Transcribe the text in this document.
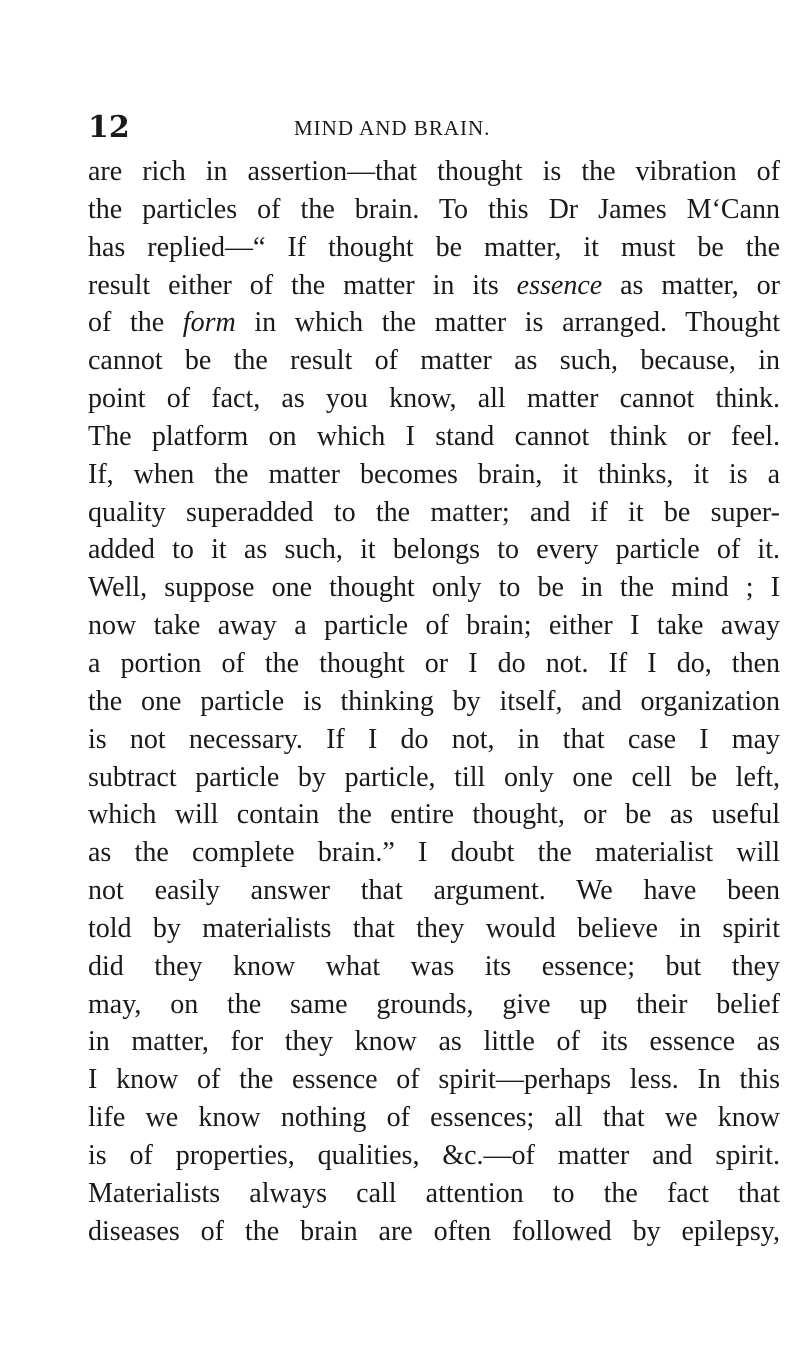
12	MIND AND BRAIN.
are rich in assertion—that thought is the vibration of
the particles of the brain. To this Dr James M‘Cann
has replied—“ If thought be matter, it must be the
result either of the matter in its essence as matter, or
of the form in which the matter is arranged. Thought
cannot be the result of matter as such, because, in
point of fact, as you know, all matter cannot think.
The platform on which I stand cannot think or feel.
If, when the matter becomes brain, it thinks, it is a
quality superadded to the matter; and if it be super-
added to it as such, it belongs to every particle of it.
Well, suppose one thought only to be in the mind ; I
now take away a particle of brain; either I take away
a portion of the thought or I do not. If I do, then
the one particle is thinking by itself, and organization
is not necessary. If I do not, in that case I may
subtract particle by particle, till only one cell be left,
which will contain the entire thought, or be as useful
as the complete brain.” I doubt the materialist will
not easily answer that argument. We have been
told by materialists that they would believe in spirit
did they know what was its essence; but they
may, on the same grounds, give up their belief
in matter, for they know as little of its essence as
I know of the essence of spirit—perhaps less. In this
life we know nothing of essences; all that we know
is of properties, qualities, &c.—of matter and spirit.
Materialists always call attention to the fact that
diseases of the brain are often followed by epilepsy,
